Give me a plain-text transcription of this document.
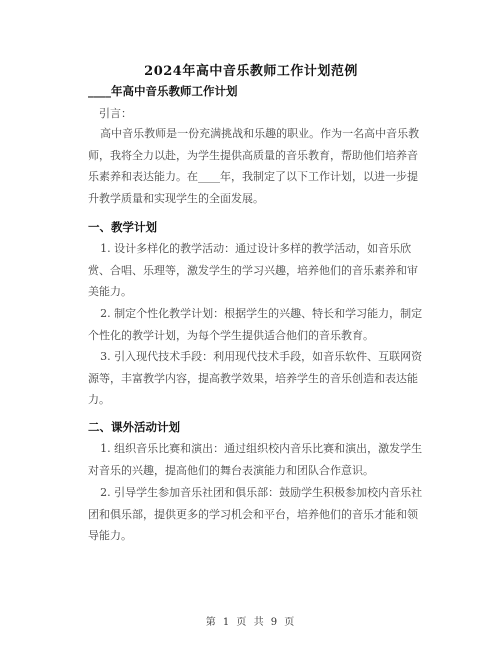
2024年高中音乐教师工作计划范例
____年高中音乐教师工作计划
引言：

高中音乐教师是一份充满挑战和乐趣的职业。作为一名高中音乐教师，我将全力以赴，为学生提供高质量的音乐教育，帮助他们培养音乐素养和表达能力。在____年，我制定了以下工作计划，以进一步提升教学质量和实现学生的全面发展。

一、教学计划

1. 设计多样化的教学活动：通过设计多样的教学活动，如音乐欣赏、合唱、乐理等，激发学生的学习兴趣，培养他们的音乐素养和审美能力。

2. 制定个性化教学计划：根据学生的兴趣、特长和学习能力，制定个性化的教学计划，为每个学生提供适合他们的音乐教育。

3. 引入现代技术手段：利用现代技术手段，如音乐软件、互联网资源等，丰富教学内容，提高教学效果，培养学生的音乐创造和表达能力。

二、课外活动计划

1. 组织音乐比赛和演出：通过组织校内音乐比赛和演出，激发学生对音乐的兴趣，提高他们的舞台表演能力和团队合作意识。

2. 引导学生参加音乐社团和俱乐部：鼓励学生积极参加校内音乐社团和俱乐部，提供更多的学习机会和平台，培养他们的音乐才能和领导能力。

第 1 页 共 9 页
